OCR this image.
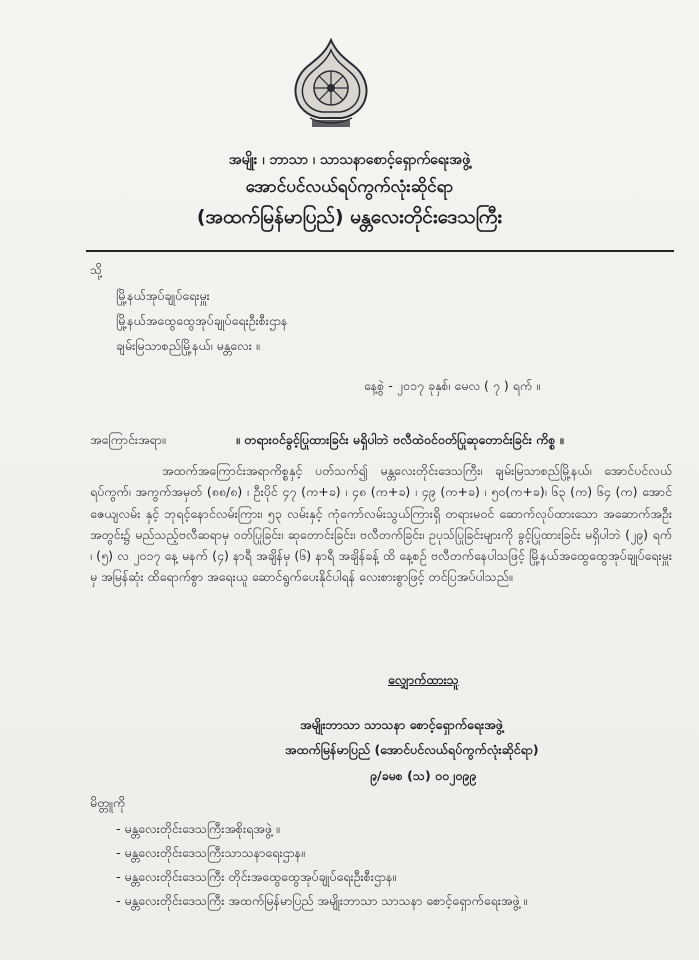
အမျိုး ၊ ဘာသာ ၊ သာသနာစောင့်ရှောက်ရေးအဖွဲ့
အောင်ပင်လယ်ရပ်ကွက်လုံးဆိုင်ရာ
(အထက်မြန်မာပြည်) မန္တလေးတိုင်းဒေသကြီး
သို့
မြို့နယ်အုပ်ချုပ်ရေးမှူး
မြို့နယ်အထွေထွေအုပ်ချုပ်ရေးဦးစီးဌာန
ချမ်းမြသာစည်မြို့နယ်၊ မန္တလေး ။
နေ့စွဲ - ၂၀၁၇ ခုနှစ်၊ မေလ ( ၇ ) ရက် ။
အကြောင်းအရာ။	။ တရားဝင်ခွင့်ပြုထားခြင်း မရှိပါဘဲ ဗလီထဲဝင်ဝတ်ပြုဆုတောင်းခြင်း ကိစ္စ ။
အထက်အကြောင်းအရာကိစ္စနှင့် ပတ်သက်၍ မန္တလေးတိုင်းဒေသကြီး၊ ချမ်းမြသာစည်မြို့နယ်၊ အောင်ပင်လယ်ရပ်ကွက်၊ အကွက်အမှတ် (၈၈/၈) ၊ ဦးပိုင် ၄၇ (က+ခ) ၊ ၄၈ (က+ခ) ၊ ၄၉ (က+ခ) ၊ ၅၀(က+ခ)၊ ၆၃ (က) ၆၄ (က) အောင်ဇေယျလမ်း နှင့် ဘုရင့်နောင်လမ်းကြား၊ ၅၃ လမ်းနှင့် ကုံကော်လမ်းသွယ်ကြားရှိ တရားမဝင် ဆောက်လုပ်ထားသော အဆောက်အဦးအတွင်း၌ မည်သည့်ဗလီဆရာမှ ဝတ်ပြုခြင်း၊ ဆုတောင်းခြင်း၊ ဗလီတက်ခြင်း၊ ဥပုသ်ပြုခြင်းများကို ခွင့်ပြုထားခြင်း မရှိပါဘဲ (၂၉) ရက် ၊ (၅) လ ၂၀၁၇ နေ့ မနက် (၄) နာရီ အချိန်မှ (၆) နာရီ အချိန်ခန့် ထိ နေ့စဉ် ဗလီတက်နေပါသဖြင့် မြို့နယ်အထွေထွေအုပ်ချုပ်ရေးမှူးမှ အမြန်ဆုံး ထိရောက်စွာ အရေးယူ ဆောင်ရွက်ပေးနိုင်ပါရန် လေးစားစွာဖြင့် တင်ပြအပ်ပါသည်။
လျှောက်ထားသူ
အမျိုးဘာသာ သာသနာ စောင့်ရှောက်ရေးအဖွဲ့
အထက်မြန်မာပြည် (အောင်ပင်လယ်ရပ်ကွက်လုံးဆိုင်ရာ)
၉/ခမစ (သ) ၀၀၂၀၉၉
မိတ္တူကို
- မန္တလေးတိုင်းဒေသကြီးအစိုးရအဖွဲ့ ။
- မန္တလေးတိုင်းဒေသကြီးသာသနာရေးဌာန။
- မန္တလေးတိုင်းဒေသကြီး တိုင်းအထွေထွေအုပ်ချုပ်ရေးဦးစီးဌာန။
- မန္တလေးတိုင်းဒေသကြီး အထက်မြန်မာပြည် အမျိုးဘာသာ သာသနာ စောင့်ရှောက်ရေးအဖွဲ့ ။
